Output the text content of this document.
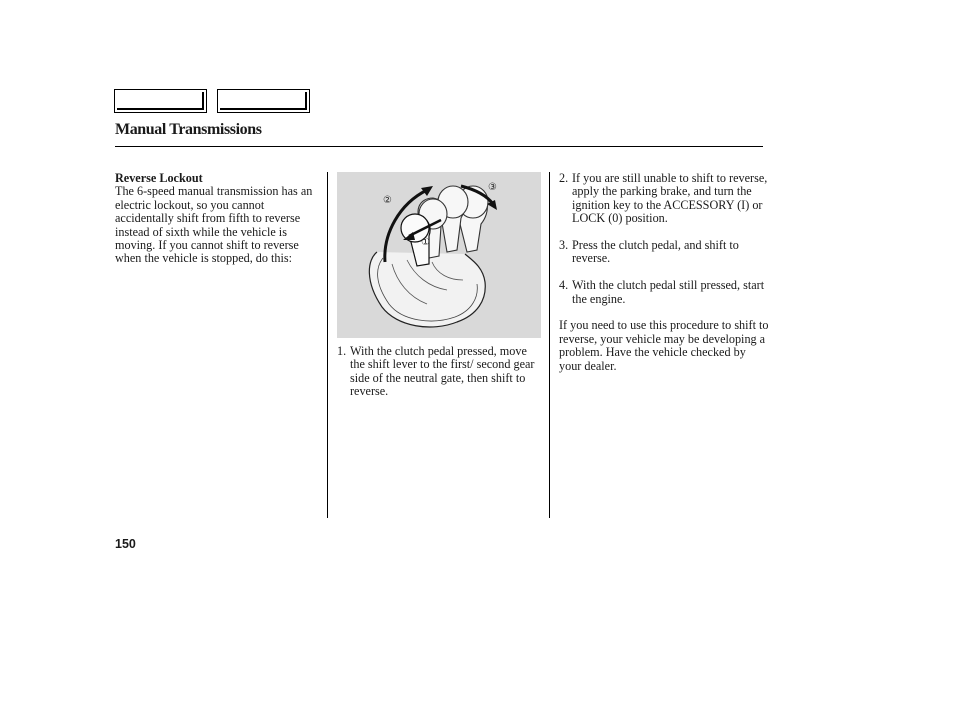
Manual Transmissions
Reverse Lockout

The 6-speed manual transmission has an electric lockout, so you cannot accidentally shift from fifth to reverse instead of sixth while the vehicle is moving. If you cannot shift to reverse when the vehicle is stopped, do this:

②
③
①
1. With the clutch pedal pressed, move the shift lever to the first/ second gear side of the neutral gate, then shift to reverse.
2. If you are still unable to shift to reverse, apply the parking brake, and turn the ignition key to the ACCESSORY (I) or LOCK (0) position.
3. Press the clutch pedal, and shift to reverse.
4. With the clutch pedal still pressed, start the engine.

If you need to use this procedure to shift to reverse, your vehicle may be developing a problem. Have the vehicle checked by your dealer.

150
